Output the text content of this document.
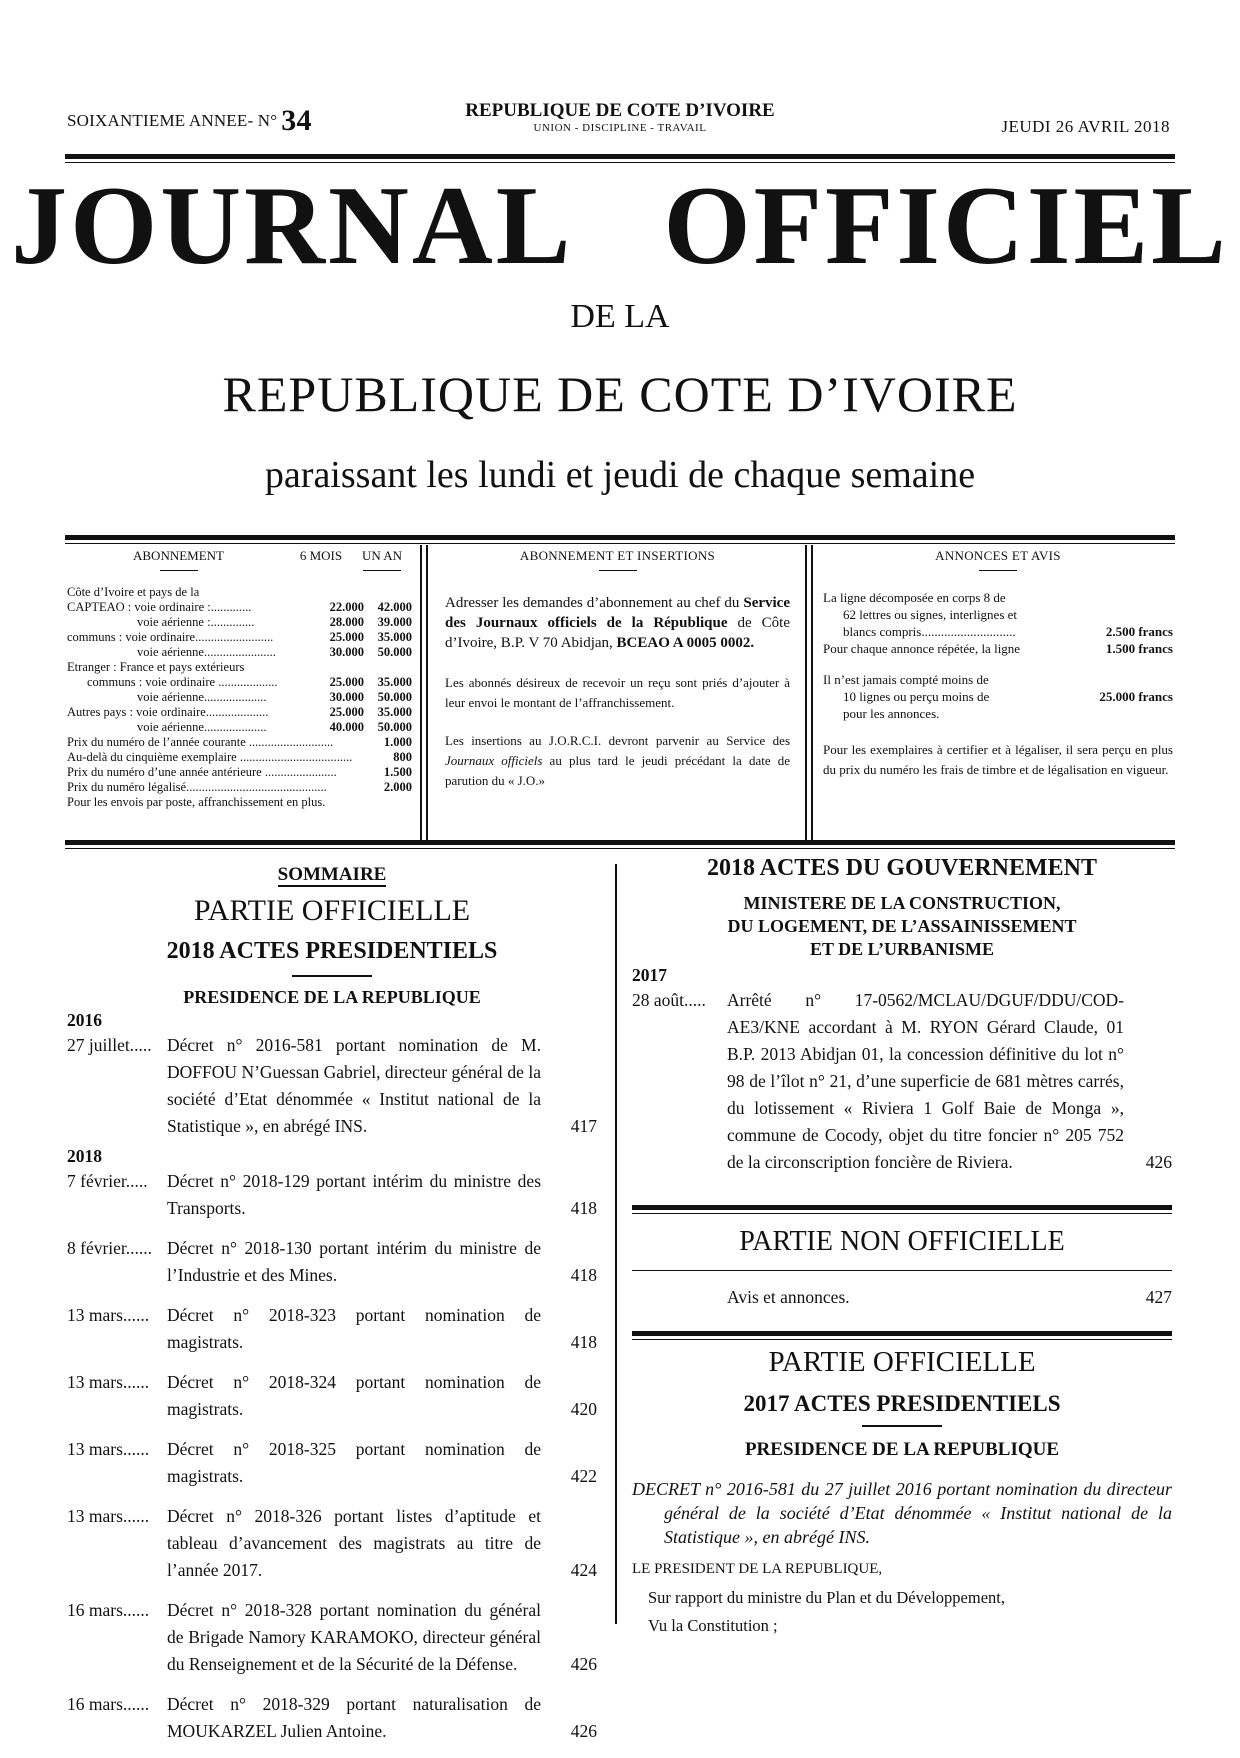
SOIXANTIEME ANNEE- N° 34	REPUBLIQUE DE COTE D’IVOIRE
UNION - DISCIPLINE - TRAVAIL	JEUDI 26 AVRIL 2018
JOURNAL OFFICIEL
DE LA
REPUBLIQUE DE COTE D’IVOIRE
paraissant les lundi et jeudi de chaque semaine
ABONNEMENT	6 MOIS	UN AN
Côte d’Ivoire et pays de la
CAPTEAO : voie ordinaire :.............	22.000	42.000
voie aérienne :..............	28.000	39.000
communs : voie ordinaire.........................	25.000	35.000
voie aérienne.......................	30.000	50.000
Etranger : France et pays extérieurs
communs : voie ordinaire ...................	25.000	35.000
voie aérienne....................	30.000	50.000
Autres pays : voie ordinaire....................	25.000	35.000
voie aérienne....................	40.000	50.000
Prix du numéro de l’année courante ...........................	1.000
Au-delà du cinquième exemplaire ....................................	800
Prix du numéro d’une année antérieure .......................	1.500
Prix du numéro légalisé.............................................	2.000
Pour les envois par poste, affranchissement en plus.
ABONNEMENT ET INSERTIONS

Adresser les demandes d’abonnement au chef du Service des Journaux officiels de la République de Côte d’Ivoire, B.P. V 70 Abidjan, BCEAO A 0005 0002.

Les abonnés désireux de recevoir un reçu sont priés d’ajouter à leur envoi le montant de l’affranchissement.

Les insertions au J.O.R.C.I. devront parvenir au Service des Journaux officiels au plus tard le jeudi précédant la date de parution du « J.O.»

ANNONCES ET AVIS
La ligne décomposée en corps 8 de
62 lettres ou signes, interlignes et
blancs compris.............................	2.500 francs
Pour chaque annonce répétée, la ligne	1.500 francs
Il n’est jamais compté moins de
10 lignes ou perçu moins de	25.000 francs
pour les annonces.
Pour les exemplaires à certifier et à légaliser, il sera perçu en plus du prix du numéro les frais de timbre et de légalisation en vigueur.
SOMMAIRE
PARTIE OFFICIELLE
2018 ACTES PRESIDENTIELS
PRESIDENCE DE LA REPUBLIQUE
2016
27 juillet..... Décret n° 2016-581 portant nomination de M. DOFFOU N’Guessan Gabriel, directeur général de la société d’Etat dénommée « Institut national de la Statistique », en abrégé INS.	417
2018
7 février.....	Décret n° 2018-129 portant intérim du ministre des Transports.	418
8 février...... Décret n° 2018-130 portant intérim du ministre de l’Industrie et des Mines.	418
13 mars......	Décret n° 2018-323 portant nomination de magistrats.	418
13 mars......	Décret n° 2018-324 portant nomination de magistrats.	420
13 mars......	Décret n° 2018-325 portant nomination de magistrats.	422
13 mars......	Décret n° 2018-326 portant listes d’aptitude et tableau d’avancement des magistrats au titre de l’année 2017.	424
16 mars......	Décret n° 2018-328 portant nomination du général de Brigade Namory KARAMOKO, directeur général du Renseignement et de la Sécurité de la Défense.	426
16 mars......	Décret n° 2018-329 portant naturalisation de MOUKARZEL Julien Antoine.	426
2018 ACTES DU GOUVERNEMENT
MINISTERE DE LA CONSTRUCTION,
DU LOGEMENT, DE L’ASSAINISSEMENT
ET DE L’URBANISME
2017
28 août.....	Arrêté n° 17-0562/MCLAU/DGUF/DDU/COD-AE3/KNE accordant à M. RYON Gérard Claude, 01 B.P. 2013 Abidjan 01, la concession définitive du lot n° 98 de l’îlot n° 21, d’une superficie de 681 mètres carrés, du lotissement « Riviera 1 Golf Baie de Monga », commune de Cocody, objet du titre foncier n° 205 752 de la circonscription foncière de Riviera.	426
PARTIE NON OFFICIELLE
Avis et annonces.	427
PARTIE OFFICIELLE
2017 ACTES PRESIDENTIELS
PRESIDENCE DE LA REPUBLIQUE
DECRET n° 2016-581 du 27 juillet 2016 portant nomination du directeur général de la société d’Etat dénommée « Institut national de la Statistique », en abrégé INS.
LE PRESIDENT DE LA REPUBLIQUE,
Sur rapport du ministre du Plan et du Développement,
Vu la Constitution ;
